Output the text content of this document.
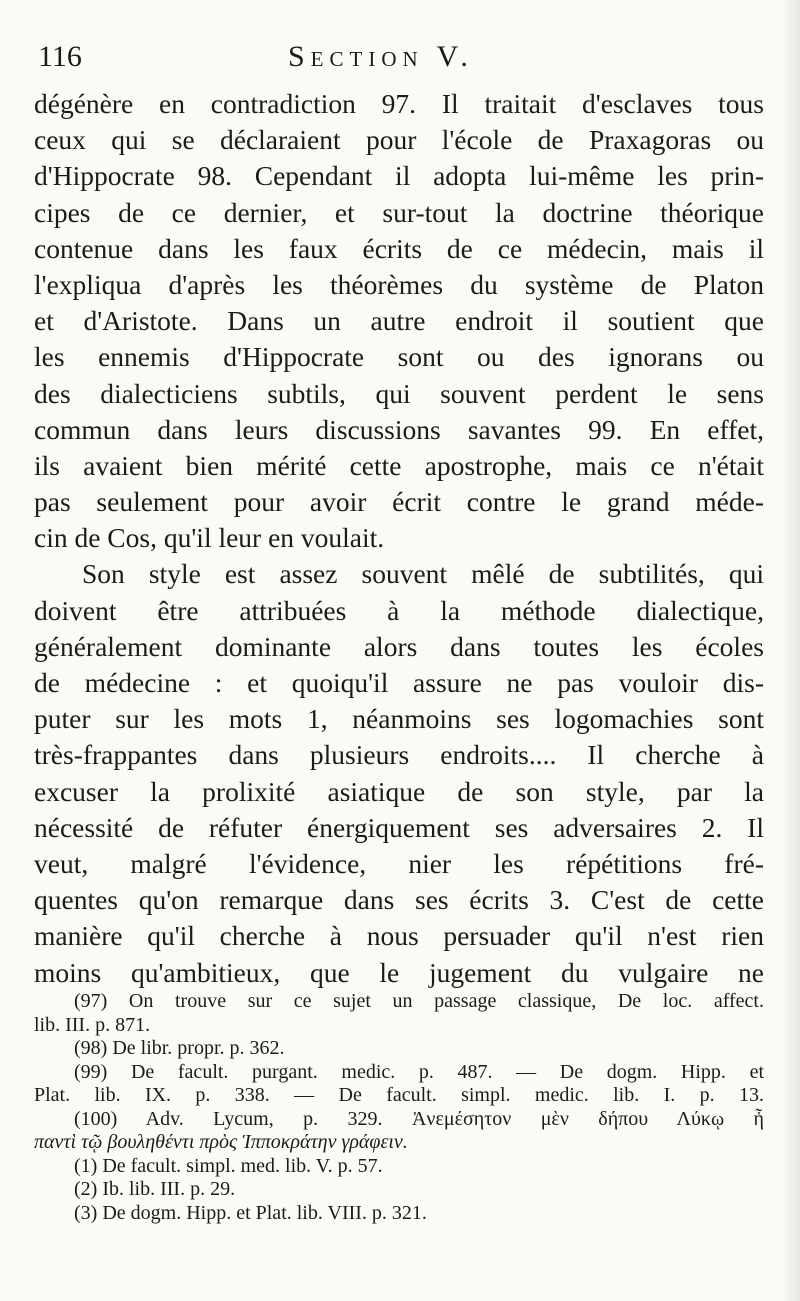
116	Section V.
dégénère en contradiction 97. Il traitait d'esclaves tous
ceux qui se déclaraient pour l'école de Praxagoras ou
d'Hippocrate 98. Cependant il adopta lui-même les prin-
cipes de ce dernier, et sur-tout la doctrine théorique
contenue dans les faux écrits de ce médecin, mais il
l'expliqua d'après les théorèmes du système de Platon
et d'Aristote. Dans un autre endroit il soutient que
les ennemis d'Hippocrate sont ou des ignorans ou
des dialecticiens subtils, qui souvent perdent le sens
commun dans leurs discussions savantes 99. En effet,
ils avaient bien mérité cette apostrophe, mais ce n'était
pas seulement pour avoir écrit contre le grand méde-
cin de Cos, qu'il leur en voulait.
Son style est assez souvent mêlé de subtilités, qui
doivent être attribuées à la méthode dialectique,
généralement dominante alors dans toutes les écoles
de médecine : et quoiqu'il assure ne pas vouloir dis-
puter sur les mots 1, néanmoins ses logomachies sont
très-frappantes dans plusieurs endroits.... Il cherche à
excuser la prolixité asiatique de son style, par la
nécessité de réfuter énergiquement ses adversaires 2. Il
veut, malgré l'évidence, nier les répétitions fré-
quentes qu'on remarque dans ses écrits 3. C'est de cette
manière qu'il cherche à nous persuader qu'il n'est rien
moins qu'ambitieux, que le jugement du vulgaire ne
(97) On trouve sur ce sujet un passage classique, De loc. affect.
lib. III. p. 871.
(98) De libr. propr. p. 362.
(99) De facult. purgant. medic. p. 487. — De dogm. Hipp. et
Plat. lib. IX. p. 338. — De facult. simpl. medic. lib. I. p. 13.
(100) Adv. Lycum, p. 329. Ἀνεμέσητον μὲν δήπου Λύκῳ ἦ
παντὶ τῷ βουληθέντι πρὸς Ἱπποκράτην γράφειν.
(1) De facult. simpl. med. lib. V. p. 57.
(2) Ib. lib. III. p. 29.
(3) De dogm. Hipp. et Plat. lib. VIII. p. 321.
